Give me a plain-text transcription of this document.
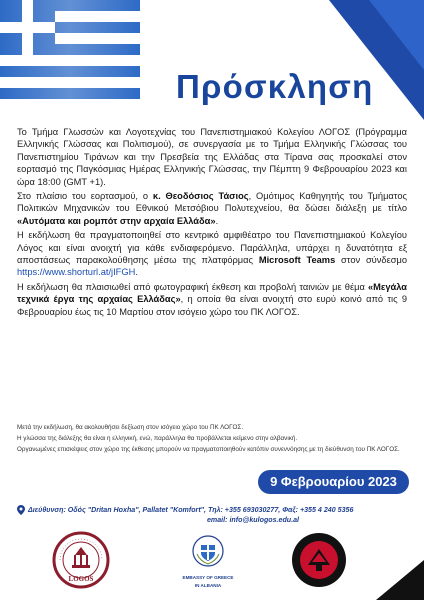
Πρόσκληση

Το Τμήμα Γλωσσών και Λογοτεχνίας του Πανεπιστημιακού Κολεγίου ΛΟΓΟΣ (Πρόγραμμα Ελληνικής Γλώσσας και Πολιτισμού), σε συνεργασία με το Τμήμα Ελληνικής Γλώσσας του Πανεπιστημίου Τιράνων και την Πρεσβεία της Ελλάδας στα Τίρανα σας προσκαλεί στον εορτασμό της Παγκόσμιας Ημέρας Ελληνικής Γλώσσας, την Πέμπτη 9 Φεβρουαρίου 2023 και ώρα 18:00 (GMT +1).

Στο πλαίσιο του εορτασμού, ο κ. Θεοδόσιος Τάσιος, Ομότιμος Καθηγητής του Τμήματος Πολιτικών Μηχανικών του Εθνικού Μετσόβιου Πολυτεχνείου, θα δώσει διάλεξη με τίτλο «Αυτόματα και ρομπότ στην αρχαία Ελλάδα».

Η εκδήλωση θα πραγματοποιηθεί στο κεντρικό αμφιθέατρο του Πανεπιστημιακού Κολεγίου Λόγος και είναι ανοιχτή για κάθε ενδιαφερόμενο. Παράλληλα, υπάρχει η δυνατότητα εξ αποστάσεως παρακολούθησης μέσω της πλατφόρμας Microsoft Teams στον σύνδεσμο https://www.shorturl.at/jIFGH.

Η εκδήλωση θα πλαισιωθεί από φωτογραφική έκθεση και προβολή ταινιών με θέμα «Μεγάλα τεχνικά έργα της αρχαίας Ελλάδας», η οποία θα είναι ανοιχτή στο ευρύ κοινό από τις 9 Φεβρουαρίου έως τις 10 Μαρτίου στον ισόγειο χώρο του ΠΚ ΛΟΓΟΣ.

Μετά την εκδήλωση, θα ακολουθήσει δεξίωση στον ισόγειο χώρο του ΠΚ ΛΟΓΟΣ.

Η γλώσσα της διάλεξης θα είναι η ελληνική, ενώ, παράλληλα θα προβάλλεται κείμενο στην αλβανική.

Οργανωμένες επισκέψεις στον χώρο της έκθεσης μπορούν να πραγματοποιηθούν κατόπιν συνεννόησης με τη διεύθυνση του ΠΚ ΛΟΓΟΣ.

9 Φεβρουαρίου 2023
Διεύθυνση: Οδός "Dritan Hoxha", Pallatet "Komfort", Τηλ: +355 693030277, Φαξ: +355 4 240 5356
email: info@kulogos.edu.al
LOGOS	EMBASSY OF GREECE
IN ALBANIA
